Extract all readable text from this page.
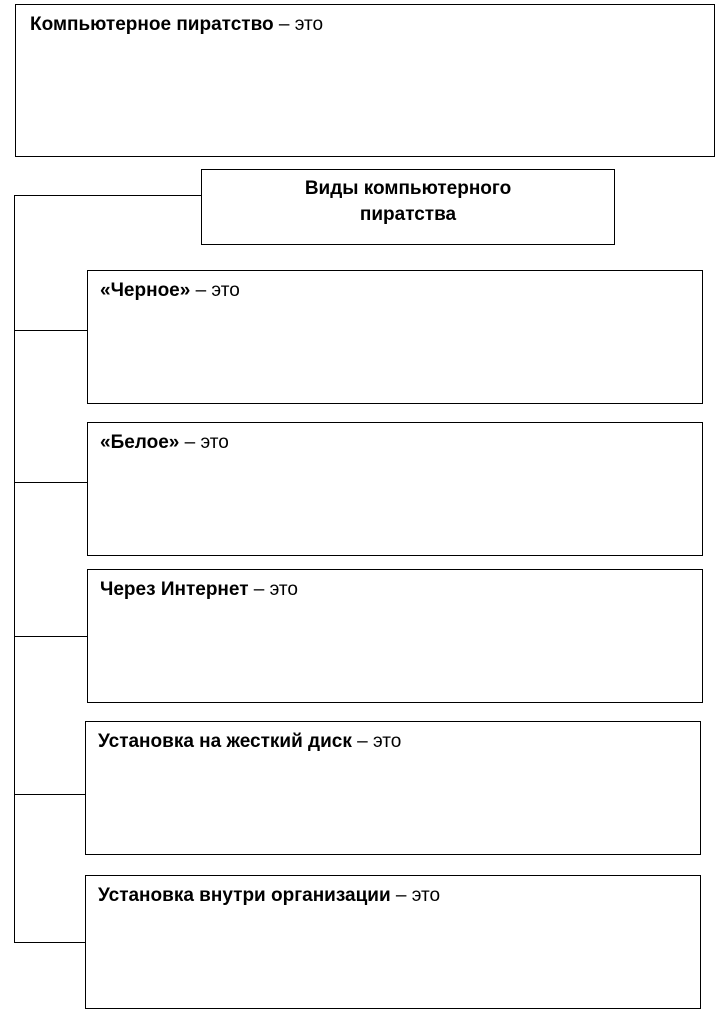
Компьютерное пиратство – это
Виды компьютерного
пиратства
«Черное» – это
«Белое» – это
Через Интернет – это
Установка на жесткий диск – это
Установка внутри организации – это
